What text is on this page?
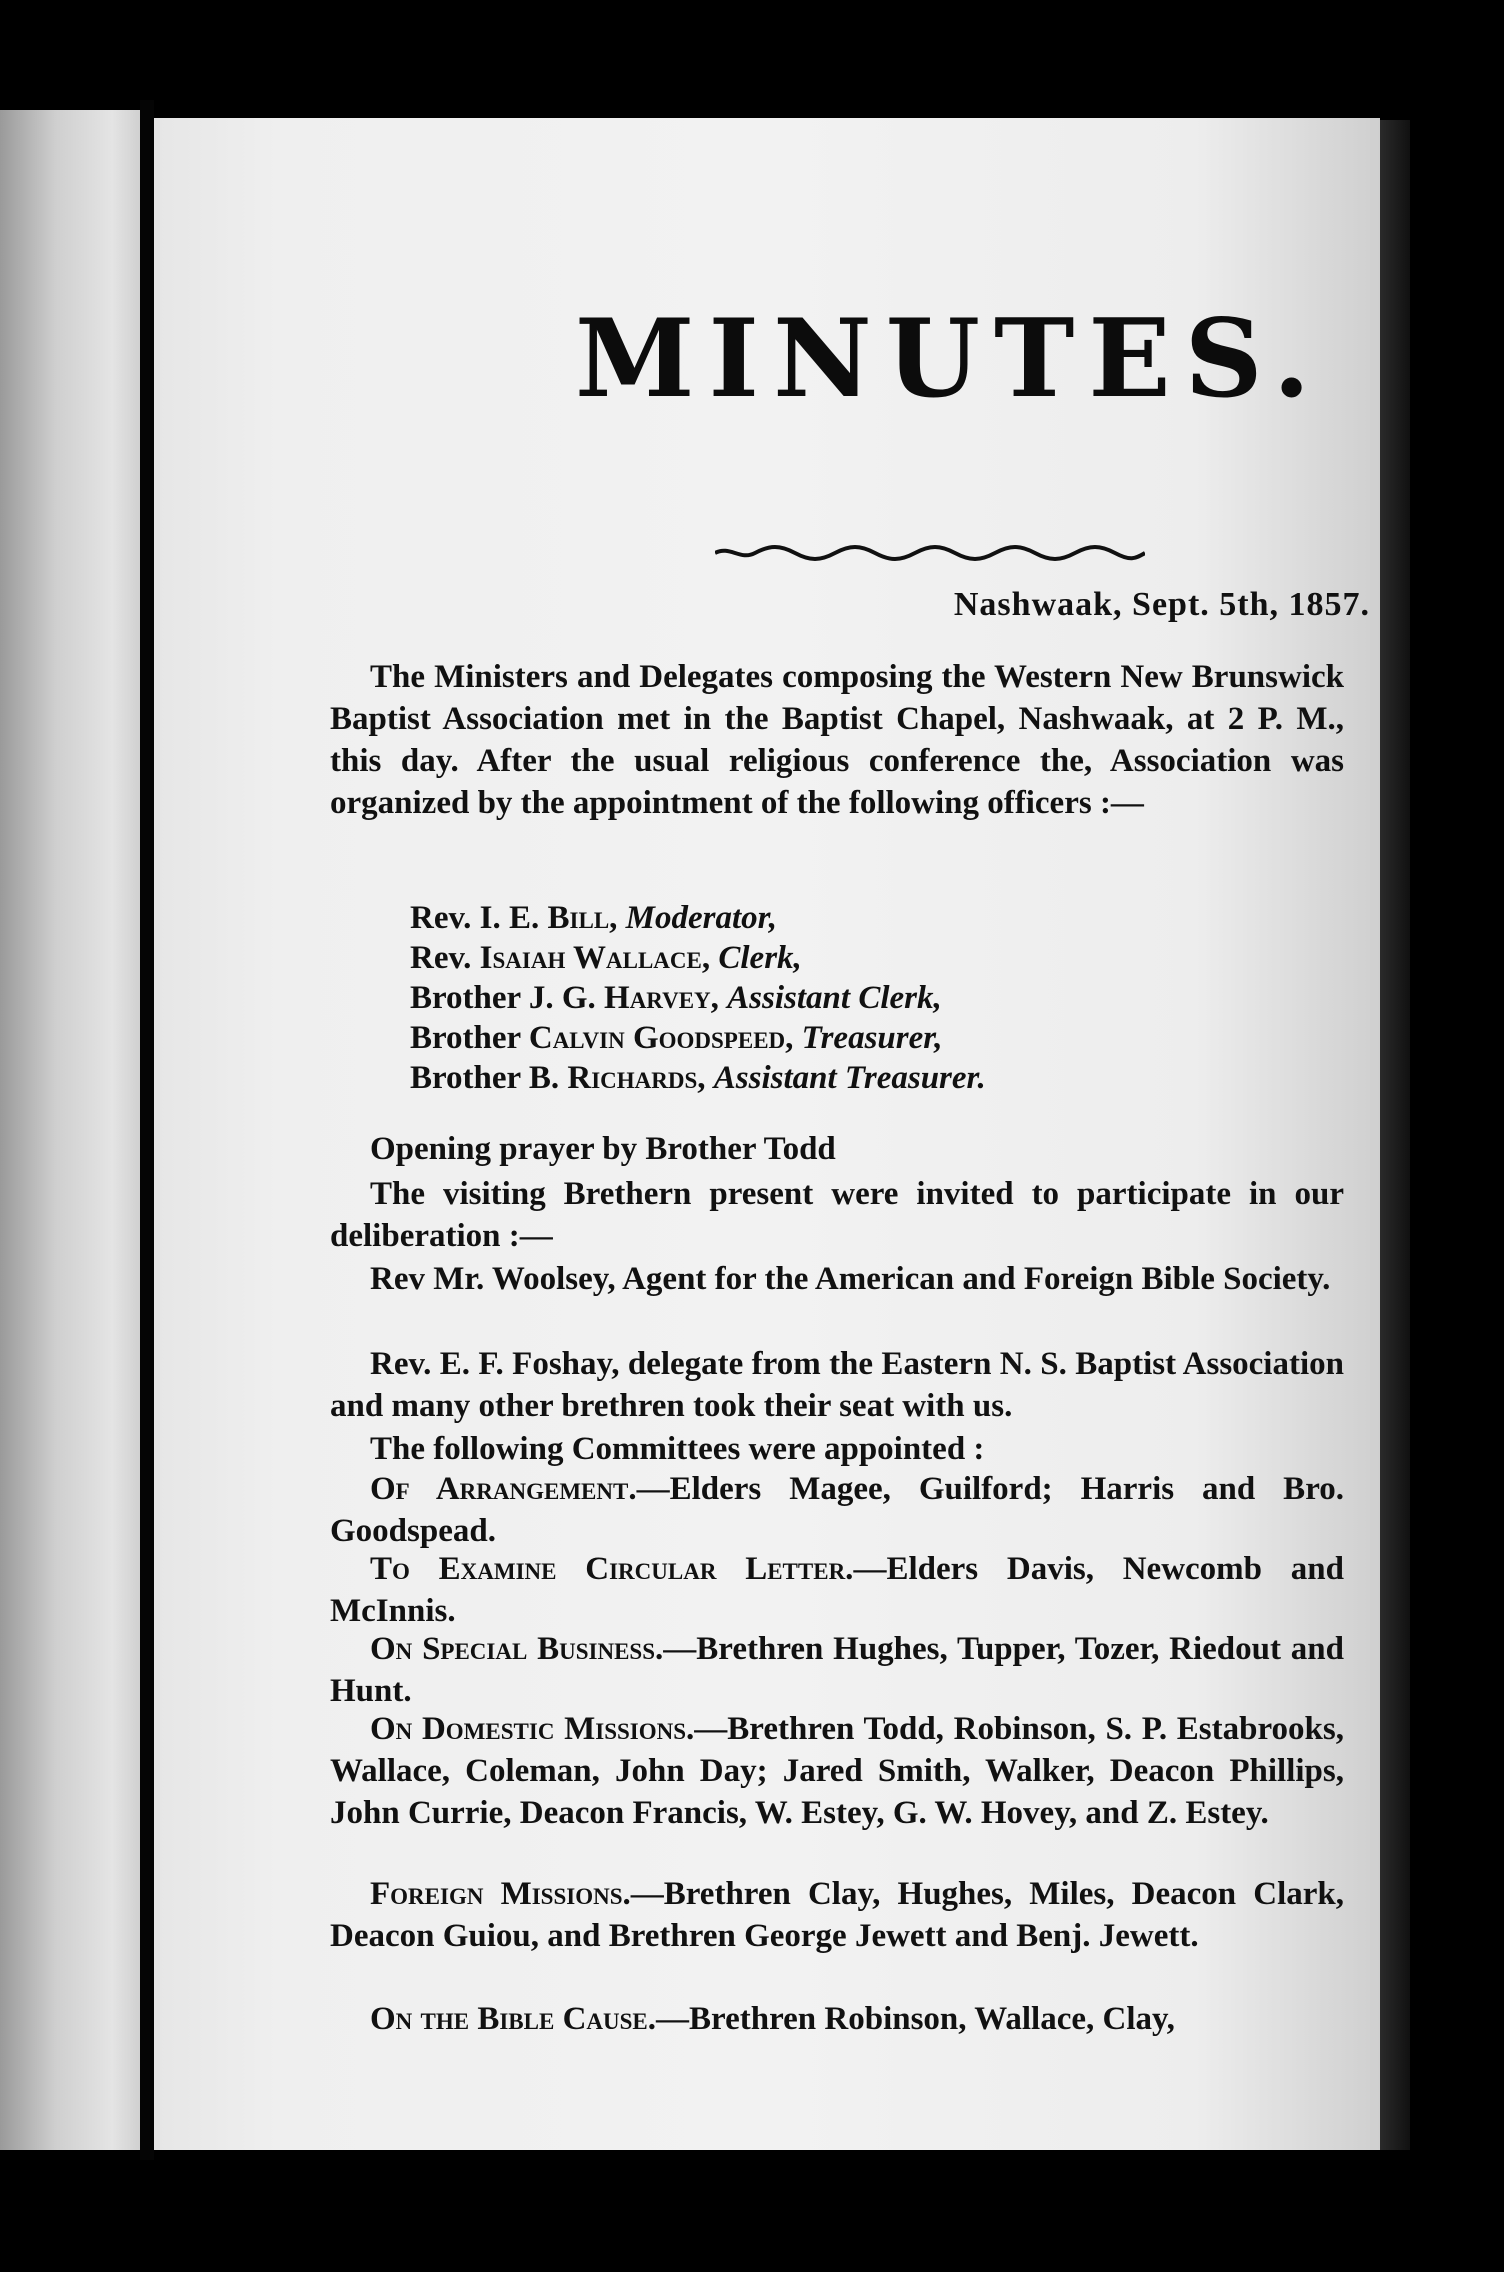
MINUTES.
Nashwaak, Sept. 5th, 1857.
The Ministers and Delegates composing the Western New Brunswick Baptist Association met in the Baptist Chapel, Nashwaak, at 2 P. M., this day. After the usual religious conference the, Association was organized by the appointment of the following officers :—
Rev. I. E. Bill, Moderator,
Rev. Isaiah Wallace, Clerk,
Brother J. G. Harvey, Assistant Clerk,
Brother Calvin Goodspeed, Treasurer,
Brother B. Richards, Assistant Treasurer.
Opening prayer by Brother Todd
The visiting Brethern present were invited to participate in our deliberation :—
Rev Mr. Woolsey, Agent for the American and Foreign Bible Society.
Rev. E. F. Foshay, delegate from the Eastern N. S. Baptist Association and many other brethren took their seat with us.
The following Committees were appointed :
Of Arrangement.—Elders Magee, Guilford; Harris and Bro. Goodspead.
To Examine Circular Letter.—Elders Davis, Newcomb and McInnis.
On Special Business.—Brethren Hughes, Tupper, Tozer, Riedout and Hunt.
On Domestic Missions.—Brethren Todd, Robinson, S. P. Estabrooks, Wallace, Coleman, John Day; Jared Smith, Walker, Deacon Phillips, John Currie, Deacon Francis, W. Estey, G. W. Hovey, and Z. Estey.
Foreign Missions.—Brethren Clay, Hughes, Miles, Deacon Clark, Deacon Guiou, and Brethren George Jewett and Benj. Jewett.
On the Bible Cause.—Brethren Robinson, Wallace, Clay,
